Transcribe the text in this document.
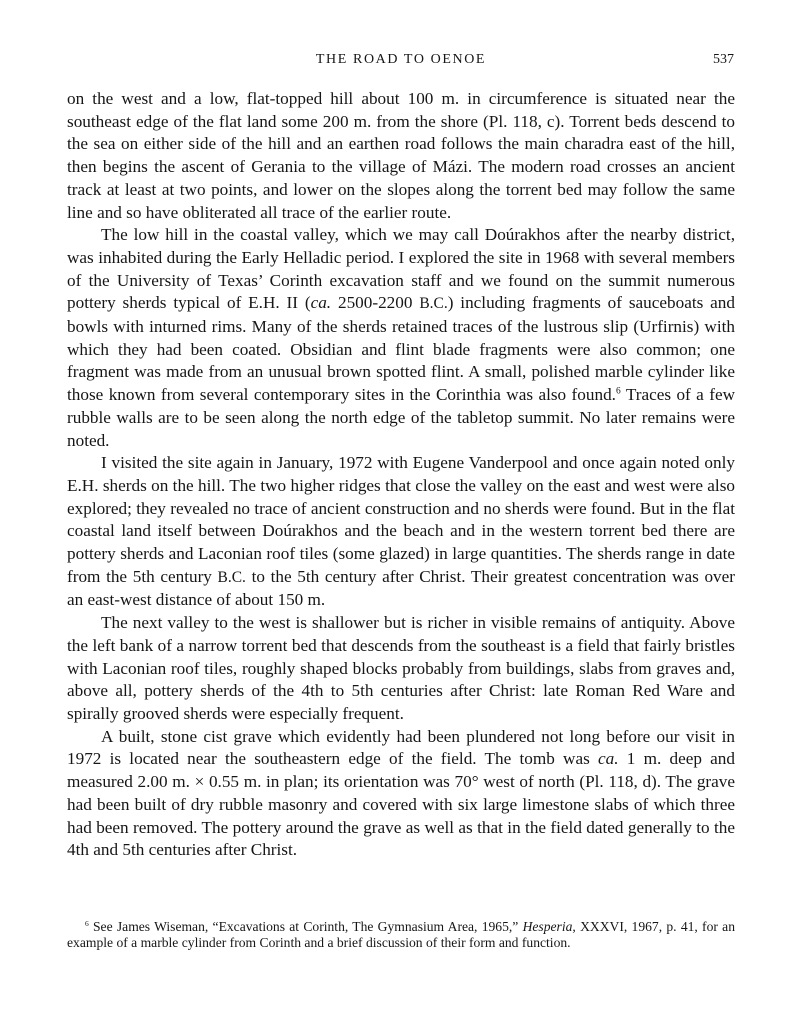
THE ROAD TO OENOE	537

on the west and a low, flat-topped hill about 100 m. in circumference is situated near the southeast edge of the flat land some 200 m. from the shore (Pl. 118, c). Torrent beds descend to the sea on either side of the hill and an earthen road follows the main charadra east of the hill, then begins the ascent of Gerania to the village of Mázi. The modern road crosses an ancient track at least at two points, and lower on the slopes along the torrent bed may follow the same line and so have obliterated all trace of the earlier route.

The low hill in the coastal valley, which we may call Doúrakhos after the nearby district, was inhabited during the Early Helladic period. I explored the site in 1968 with several members of the University of Texas’ Corinth excavation staff and we found on the summit numerous pottery sherds typical of E.H. II (ca. 2500-2200 B.C.) including fragments of sauceboats and bowls with inturned rims. Many of the sherds retained traces of the lustrous slip (Urfirnis) with which they had been coated. Obsidian and flint blade fragments were also common; one fragment was made from an unusual brown spotted flint. A small, polished marble cylinder like those known from several contemporary sites in the Corinthia was also found.$^6$ Traces of a few rubble walls are to be seen along the north edge of the tabletop summit. No later remains were noted.

I visited the site again in January, 1972 with Eugene Vanderpool and once again noted only E.H. sherds on the hill. The two higher ridges that close the valley on the east and west were also explored; they revealed no trace of ancient construction and no sherds were found. But in the flat coastal land itself between Doúrakhos and the beach and in the western torrent bed there are pottery sherds and Laconian roof tiles (some glazed) in large quantities. The sherds range in date from the 5th century B.C. to the 5th century after Christ. Their greatest concentration was over an east-west distance of about 150 m.

The next valley to the west is shallower but is richer in visible remains of antiquity. Above the left bank of a narrow torrent bed that descends from the southeast is a field that fairly bristles with Laconian roof tiles, roughly shaped blocks probably from buildings, slabs from graves and, above all, pottery sherds of the 4th to 5th centuries after Christ: late Roman Red Ware and spirally grooved sherds were especially frequent.

A built, stone cist grave which evidently had been plundered not long before our visit in 1972 is located near the southeastern edge of the field. The tomb was ca. 1 m. deep and measured 2.00 m. × 0.55 m. in plan; its orientation was 70° west of north (Pl. 118, d). The grave had been built of dry rubble masonry and covered with six large limestone slabs of which three had been removed. The pottery around the grave as well as that in the field dated generally to the 4th and 5th centuries after Christ.

$^6$ See James Wiseman, “Excavations at Corinth, The Gymnasium Area, 1965,” Hesperia, XXXVI, 1967, p. 41, for an example of a marble cylinder from Corinth and a brief discussion of their form and function.
